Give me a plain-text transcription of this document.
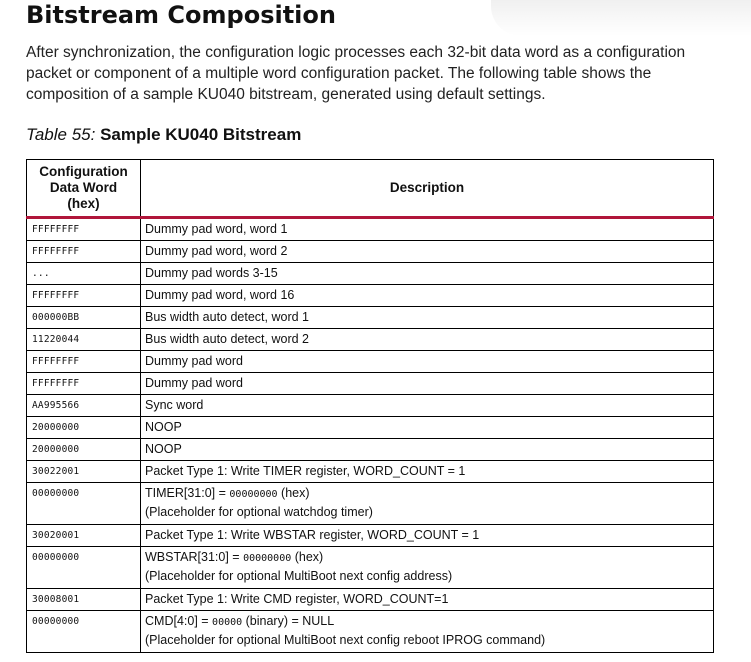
Bitstream Composition

After synchronization, the configuration logic processes each 32-bit data word as a configuration packet or component of a multiple word configuration packet. The following table shows the composition of a sample KU040 bitstream, generated using default settings.

Table 55: Sample KU040 Bitstream

Configuration
Data Word
(hex)	Description
FFFFFFFF	Dummy pad word, word 1
FFFFFFFF	Dummy pad word, word 2
...	Dummy pad words 3-15
FFFFFFFF	Dummy pad word, word 16
000000BB	Bus width auto detect, word 1
11220044	Bus width auto detect, word 2
FFFFFFFF	Dummy pad word
FFFFFFFF	Dummy pad word
AA995566	Sync word
20000000	NOOP
20000000	NOOP
30022001	Packet Type 1: Write TIMER register, WORD_COUNT = 1
00000000	TIMER[31:0] = 00000000 (hex)
(Placeholder for optional watchdog timer)

30020001	Packet Type 1: Write WBSTAR register, WORD_COUNT = 1
00000000	WBSTAR[31:0] = 00000000 (hex)
(Placeholder for optional MultiBoot next config address)

30008001	Packet Type 1: Write CMD register, WORD_COUNT=1
00000000	CMD[4:0] = 00000 (binary) = NULL
(Placeholder for optional MultiBoot next config reboot IPROG command)
